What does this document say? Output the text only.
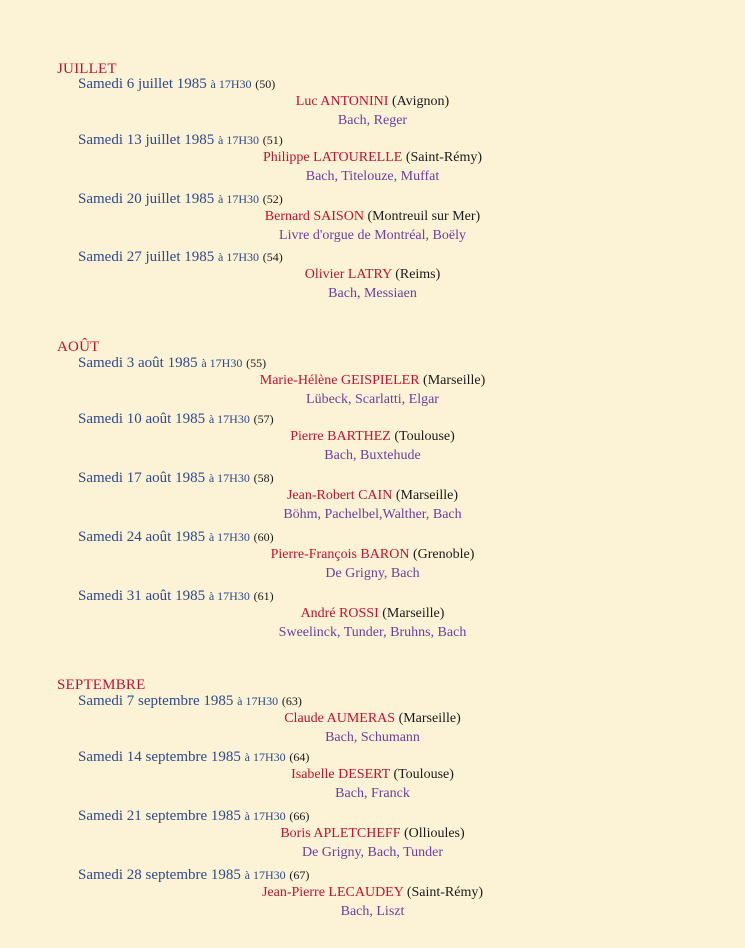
JUILLET
Samedi 6 juillet 1985 à 17H30 (50)
Luc ANTONINI (Avignon)
Bach, Reger
Samedi 13 juillet 1985 à 17H30 (51)
Philippe LATOURELLE (Saint-Rémy)
Bach, Titelouze, Muffat
Samedi 20 juillet 1985 à 17H30 (52)
Bernard SAISON (Montreuil sur Mer)
Livre d'orgue de Montréal, Boëly
Samedi 27 juillet 1985 à 17H30 (54)
Olivier LATRY (Reims)
Bach, Messiaen
AOÛT
Samedi 3 août 1985 à 17H30 (55)
Marie-Hélène GEISPIELER (Marseille)
Lübeck, Scarlatti, Elgar
Samedi 10 août 1985 à 17H30 (57)
Pierre BARTHEZ (Toulouse)
Bach, Buxtehude
Samedi 17 août 1985 à 17H30 (58)
Jean-Robert CAIN (Marseille)
Böhm, Pachelbel,Walther, Bach
Samedi 24 août 1985 à 17H30 (60)
Pierre-François BARON (Grenoble)
De Grigny, Bach
Samedi 31 août 1985 à 17H30 (61)
André ROSSI (Marseille)
Sweelinck, Tunder, Bruhns, Bach
SEPTEMBRE
Samedi 7 septembre 1985 à 17H30 (63)
Claude AUMERAS (Marseille)
Bach, Schumann
Samedi 14 septembre 1985 à 17H30 (64)
Isabelle DESERT (Toulouse)
Bach, Franck
Samedi 21 septembre 1985 à 17H30 (66)
Boris APLETCHEFF (Ollioules)
De Grigny, Bach, Tunder
Samedi 28 septembre 1985 à 17H30 (67)
Jean-Pierre LECAUDEY (Saint-Rémy)
Bach, Liszt
